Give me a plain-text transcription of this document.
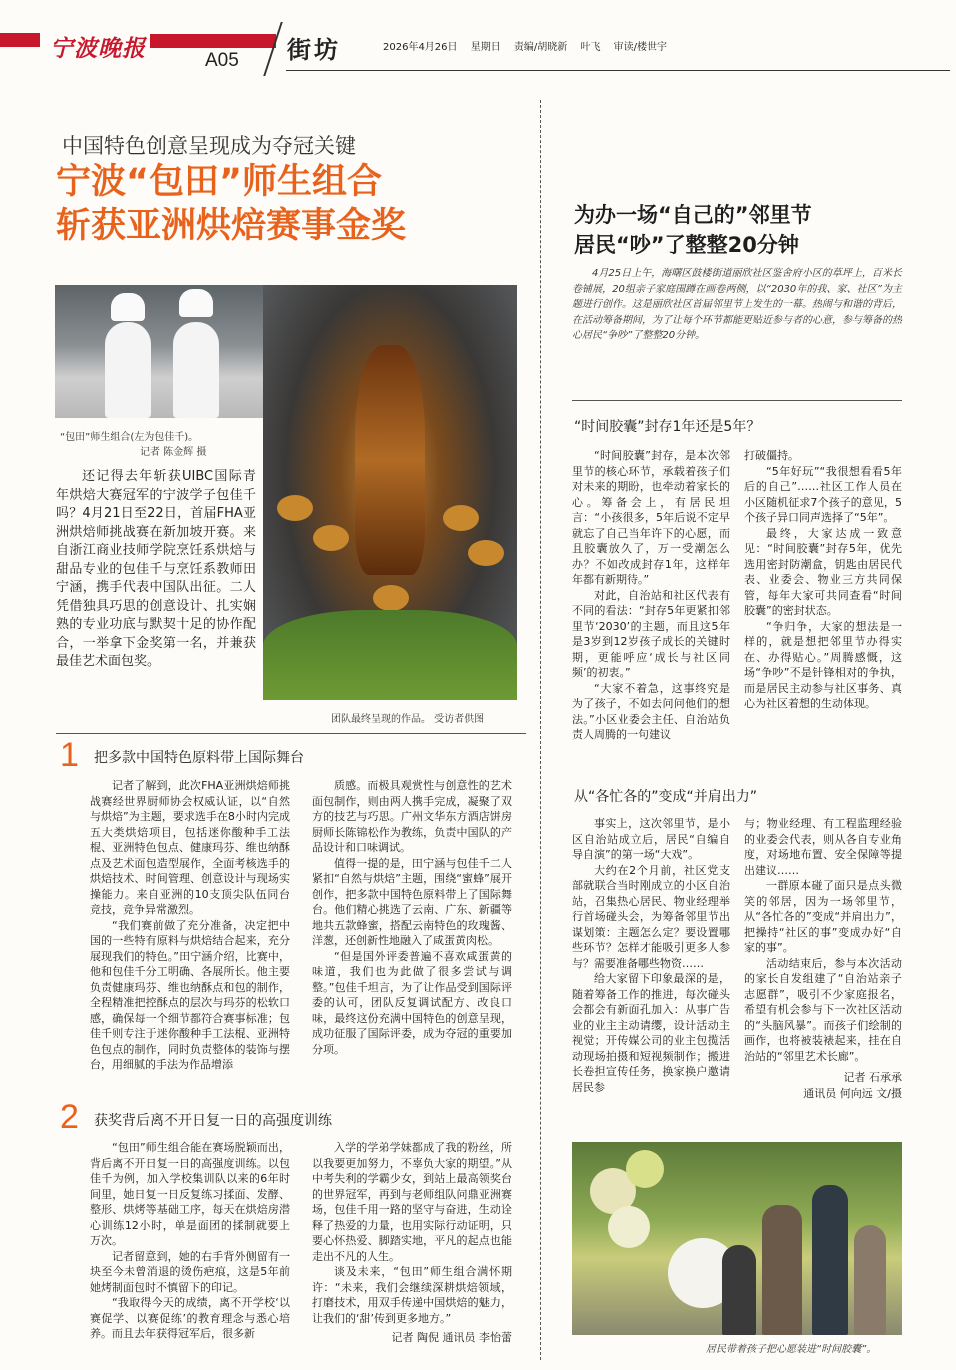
宁波晚报	A05 街坊	2026年4月26日 星期日 责编/胡晓新 叶飞 审读/楼世宇
中国特色创意呈现成为夺冠关键
宁波“包田”师生组合
斩获亚洲烘焙赛事金奖
“包田”师生组合(左为包佳千)。
记者 陈金辉 摄
团队最终呈现的作品。 受访者供图

还记得去年斩获UIBC国际青年烘焙大赛冠军的宁波学子包佳千吗？4月21日至22日，首届FHA亚洲烘焙师挑战赛在新加坡开赛。来自浙江商业技师学院烹饪系烘焙与甜品专业的包佳千与烹饪系教师田宁涵，携手代表中国队出征。二人凭借独具巧思的创意设计、扎实娴熟的专业功底与默契十足的协作配合，一举拿下金奖第一名，并兼获最佳艺术面包奖。

1 把多款中国特色原料带上国际舞台

记者了解到，此次FHA亚洲烘焙师挑战赛经世界厨师协会权威认证，以“自然与烘焙”为主题，要求选手在8小时内完成五大类烘焙项目，包括迷你酸种手工法棍、亚洲特色包点、健康玛芬、维也纳酥点及艺术面包造型展作，全面考核选手的烘焙技术、时间管理、创意设计与现场实操能力。来自亚洲的10支顶尖队伍同台竞技，竞争异常激烈。

“我们赛前做了充分准备，决定把中国的一些特有原料与烘焙结合起来，充分展现我们的特色。”田宁涵介绍，比赛中，他和包佳千分工明确、各展所长。他主要负责健康玛芬、维也纳酥点和包的制作，全程精准把控酥点的层次与玛芬的松软口感，确保每一个细节都符合赛事标准；包佳千则专注于迷你酸种手工法棍、亚洲特色包点的制作，同时负责整体的装饰与摆台，用细腻的手法为作品增添

质感。而极具观赏性与创意性的艺术面包制作，则由两人携手完成，凝聚了双方的技艺与巧思。广州文华东方酒店饼房厨师长陈锦松作为教练，负责中国队的产品设计和口味调试。

值得一提的是，田宁涵与包佳千二人紧扣“自然与烘焙”主题，围绕“蜜蜂”展开创作，把多款中国特色原料带上了国际舞台。他们精心挑选了云南、广东、新疆等地共五款蜂蜜，搭配云南特色的玫瑰酱、洋葱，还创新性地融入了咸蛋黄肉松。

“但是国外评委普遍不喜欢咸蛋黄的味道，我们也为此做了很多尝试与调整。”包佳千坦言，为了让作品受到国际评委的认可，团队反复调试配方、改良口味，最终这份充满中国特色的创意呈现，成功征服了国际评委，成为夺冠的重要加分项。

2 获奖背后离不开日复一日的高强度训练

“包田”师生组合能在赛场脱颖而出，背后离不开日复一日的高强度训练。以包佳千为例，加入学校集训队以来的6年时间里，她日复一日反复练习揉面、发酵、整形、烘烤等基础工序，每天在烘焙房潜心训练12小时，单是面团的揉制就要上万次。

记者留意到，她的右手背外侧留有一块至今未曾消退的烫伤疤痕，这是5年前她烤制面包时不慎留下的印记。

“我取得今天的成绩，离不开学校‘以赛促学、以赛促练’的教育理念与悉心培养。而且去年获得冠军后，很多新

入学的学弟学妹都成了我的粉丝，所以我要更加努力，不辜负大家的期望。”从中考失利的学霸少女，到站上最高领奖台的世界冠军，再到与老师组队问鼎亚洲赛场，包佳千用一路的坚守与奋进，生动诠释了热爱的力量，也用实际行动证明，只要心怀热爱、脚踏实地，平凡的起点也能走出不凡的人生。

谈及未来，“包田”师生组合满怀期许：“未来，我们会继续深耕烘焙领域，打磨技术，用双手传递中国烘焙的魅力，让我们的‘甜’传到更多地方。”

记者 陶倪 通讯员 李怡蕾

为办一场“自己的”邻里节
居民“吵”了整整20分钟

4月25日上午，海曙区鼓楼街道丽欣社区鉴舍府小区的草坪上，百米长卷铺展，20组亲子家庭围蹲在画卷两侧，以“2030年的我、家、社区”为主题进行创作。这是丽欣社区首届邻里节上发生的一幕。热闹与和谐的背后，在活动筹备期间，为了让每个环节都能更贴近参与者的心意，参与筹备的热心居民“争吵”了整整20分钟。

“时间胶囊”封存1年还是5年？

“时间胶囊”封存，是本次邻里节的核心环节，承载着孩子们对未来的期盼，也牵动着家长的心。筹备会上，有居民坦言：“小孩很多，5年后说不定早就忘了自己当年许下的心愿，而且胶囊放久了，万一受潮怎么办？不如改成封存1年，这样年年都有新期待。”

对此，自治站和社区代表有不同的看法：“封存5年更紧扣邻里节‘2030’的主题，而且这5年是3岁到12岁孩子成长的关键时期，更能呼应‘成长与社区同频’的初衷。”

“大家不着急，这事终究是为了孩子，不如去问问他们的想法。”小区业委会主任、自治站负责人周腾的一句建议

打破僵持。

“5年好玩”“我很想看看5年后的自己”……社区工作人员在小区随机征求7个孩子的意见，5个孩子异口同声选择了“5年”。

最终，大家达成一致意见：“时间胶囊”封存5年，优先选用密封防潮盒，钥匙由居民代表、业委会、物业三方共同保管，每年大家可共同查看“时间胶囊”的密封状态。

“争归争，大家的想法是一样的，就是想把邻里节办得实在、办得贴心。”周腾感慨，这场“争吵”不是针锋相对的争执，而是居民主动参与社区事务、真心为社区着想的生动体现。

从“各忙各的”变成“并肩出力”

事实上，这次邻里节，是小区自治站成立后，居民“自编自导自演”的第一场“大戏”。

大约在2个月前，社区党支部就联合当时刚成立的小区自治站，召集热心居民、物业经理举行首场碰头会，为筹备邻里节出谋划策：主题怎么定？要设置哪些环节？怎样才能吸引更多人参与？需要准备哪些物资……

给大家留下印象最深的是，随着筹备工作的推进，每次碰头会都会有新面孔加入：从事广告业的业主主动请缨，设计活动主视觉；开传媒公司的业主包揽活动现场拍摄和短视频制作；搬进长卷担宣传任务，换家换户邀请居民参

与；物业经理、有工程监理经验的业委会代表，则从各自专业角度，对场地布置、安全保障等提出建议……

一群原本碰了面只是点头微笑的邻居，因为一场邻里节，从“各忙各的”变成“并肩出力”，把操持“社区的事”变成办好“自家的事”。

活动结束后，参与本次活动的家长自发组建了“自治站亲子志愿群”，吸引不少家庭报名，希望有机会参与下一次社区活动的“头脑风暴”。而孩子们绘制的画作，也将被装裱起来，挂在自治站的“邻里艺术长廊”。

记者 石承承

通讯员 何向远 文/摄

居民带着孩子把心愿装进“时间胶囊”。
